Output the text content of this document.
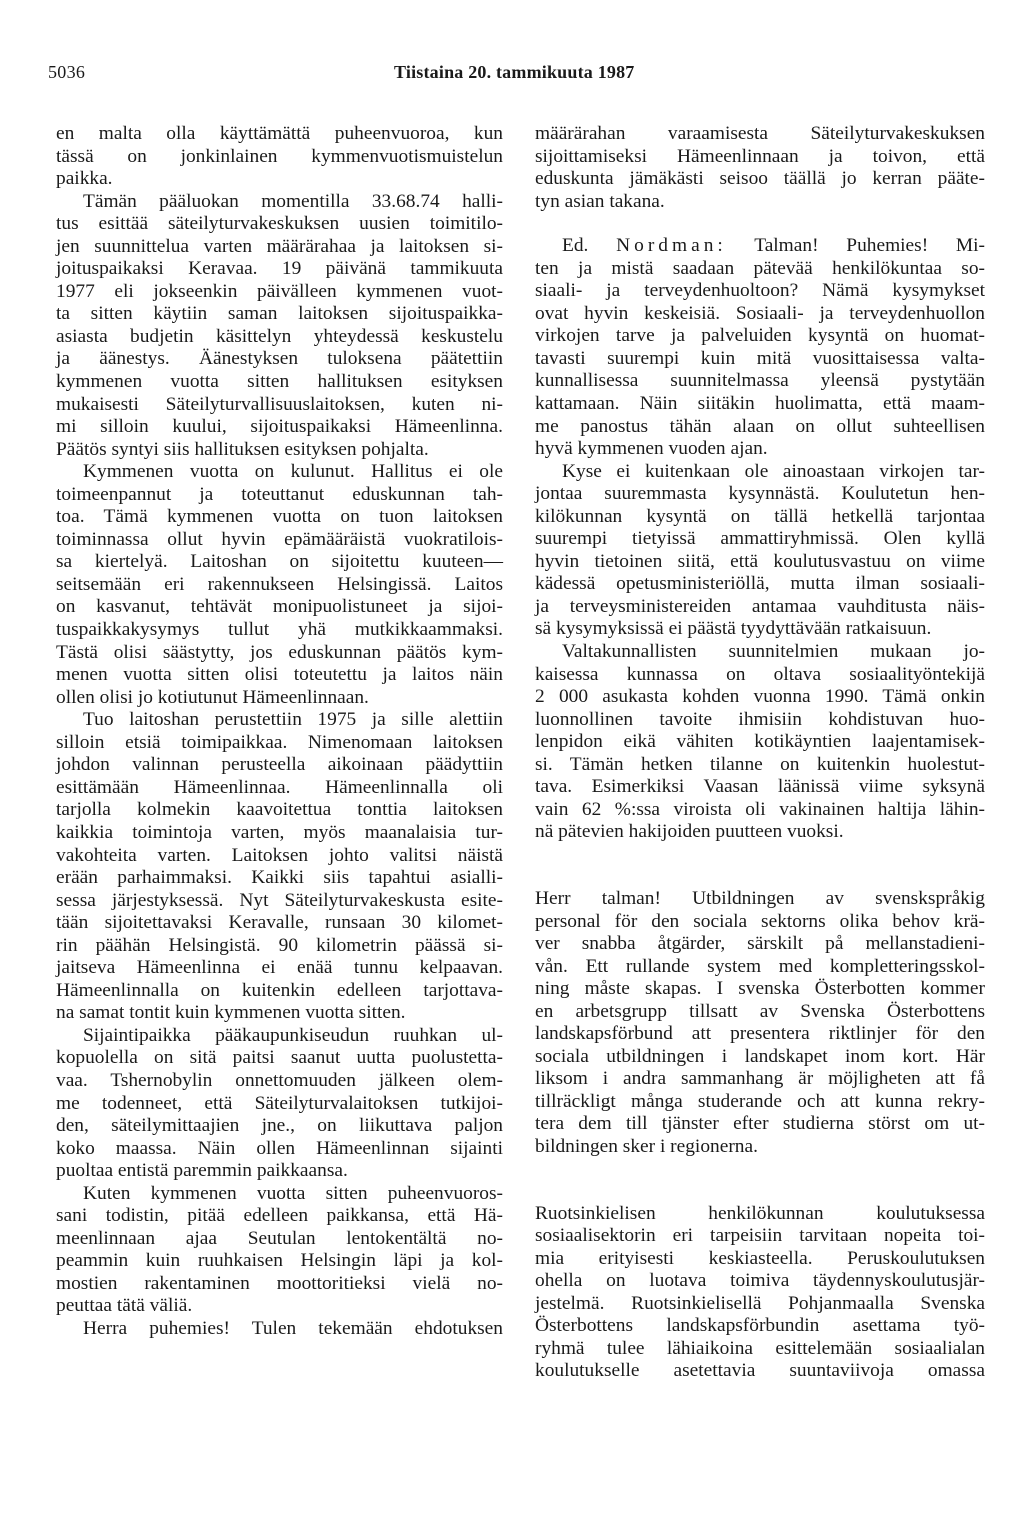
5036	Tiistaina 20. tammikuuta 1987
en malta olla käyttämättä puheenvuoroa, kun
tässä on jonkinlainen kymmenvuotismuistelun
paikka.
Tämän pääluokan momentilla 33.68.74 halli-
tus esittää säteilyturvakeskuksen uusien toimitilo-
jen suunnittelua varten määrärahaa ja laitoksen si-
joituspaikaksi Keravaa. 19 päivänä tammikuuta
1977 eli jokseenkin päivälleen kymmenen vuot-
ta sitten käytiin saman laitoksen sijoituspaikka-
asiasta budjetin käsittelyn yhteydessä keskustelu
ja äänestys. Äänestyksen tuloksena päätettiin
kymmenen vuotta sitten hallituksen esityksen
mukaisesti Säteilyturvallisuuslaitoksen, kuten ni-
mi silloin kuului, sijoituspaikaksi Hämeenlinna.
Päätös syntyi siis hallituksen esityksen pohjalta.
Kymmenen vuotta on kulunut. Hallitus ei ole
toimeenpannut ja toteuttanut eduskunnan tah-
toa. Tämä kymmenen vuotta on tuon laitoksen
toiminnassa ollut hyvin epämääräistä vuokratilois-
sa kiertelyä. Laitoshan on sijoitettu kuuteen—
seitsemään eri rakennukseen Helsingissä. Laitos
on kasvanut, tehtävät monipuolistuneet ja sijoi-
tuspaikkakysymys tullut yhä mutkikkaammaksi.
Tästä olisi säästytty, jos eduskunnan päätös kym-
menen vuotta sitten olisi toteutettu ja laitos näin
ollen olisi jo kotiutunut Hämeenlinnaan.
Tuo laitoshan perustettiin 1975 ja sille alettiin
silloin etsiä toimipaikkaa. Nimenomaan laitoksen
johdon valinnan perusteella aikoinaan päädyttiin
esittämään Hämeenlinnaa. Hämeenlinnalla oli
tarjolla kolmekin kaavoitettua tonttia laitoksen
kaikkia toimintoja varten, myös maanalaisia tur-
vakohteita varten. Laitoksen johto valitsi näistä
erään parhaimmaksi. Kaikki siis tapahtui asialli-
sessa järjestyksessä. Nyt Säteilyturvakeskusta esite-
tään sijoitettavaksi Keravalle, runsaan 30 kilomet-
rin päähän Helsingistä. 90 kilometrin päässä si-
jaitseva Hämeenlinna ei enää tunnu kelpaavan.
Hämeenlinnalla on kuitenkin edelleen tarjottava-
na samat tontit kuin kymmenen vuotta sitten.
Sijaintipaikka pääkaupunkiseudun ruuhkan ul-
kopuolella on sitä paitsi saanut uutta puolustetta-
vaa. Tshernobylin onnettomuuden jälkeen olem-
me todenneet, että Säteilyturvalaitoksen tutkijoi-
den, säteilymittaajien jne., on liikuttava paljon
koko maassa. Näin ollen Hämeenlinnan sijainti
puoltaa entistä paremmin paikkaansa.
Kuten kymmenen vuotta sitten puheenvuoros-
sani todistin, pitää edelleen paikkansa, että Hä-
meenlinnaan ajaa Seutulan lentokentältä no-
peammin kuin ruuhkaisen Helsingin läpi ja kol-
mostien rakentaminen moottoritieksi vielä no-
peuttaa tätä väliä.
Herra puhemies! Tulen tekemään ehdotuksen
määrärahan varaamisesta Säteilyturvakeskuksen
sijoittamiseksi Hämeenlinnaan ja toivon, että
eduskunta jämäkästi seisoo täällä jo kerran pääte-
tyn asian takana.
Ed. Nordman: Talman! Puhemies! Mi-
ten ja mistä saadaan pätevää henkilökuntaa so-
siaali- ja terveydenhuoltoon? Nämä kysymykset
ovat hyvin keskeisiä. Sosiaali- ja terveydenhuollon
virkojen tarve ja palveluiden kysyntä on huomat-
tavasti suurempi kuin mitä vuosittaisessa valta-
kunnallisessa suunnitelmassa yleensä pystytään
kattamaan. Näin siitäkin huolimatta, että maam-
me panostus tähän alaan on ollut suhteellisen
hyvä kymmenen vuoden ajan.
Kyse ei kuitenkaan ole ainoastaan virkojen tar-
jontaa suuremmasta kysynnästä. Koulutetun hen-
kilökunnan kysyntä on tällä hetkellä tarjontaa
suurempi tietyissä ammattiryhmissä. Olen kyllä
hyvin tietoinen siitä, että koulutusvastuu on viime
kädessä opetusministeriöllä, mutta ilman sosiaali-
ja terveysministereiden antamaa vauhditusta näis-
sä kysymyksissä ei päästä tyydyttävään ratkaisuun.
Valtakunnallisten suunnitelmien mukaan jo-
kaisessa kunnassa on oltava sosiaalityöntekijä
2 000 asukasta kohden vuonna 1990. Tämä onkin
luonnollinen tavoite ihmisiin kohdistuvan huo-
lenpidon eikä vähiten kotikäyntien laajentamisek-
si. Tämän hetken tilanne on kuitenkin huolestut-
tava. Esimerkiksi Vaasan läänissä viime syksynä
vain 62 %:ssa viroista oli vakinainen haltija lähin-
nä pätevien hakijoiden puutteen vuoksi.
Herr talman! Utbildningen av svenskspråkig
personal för den sociala sektorns olika behov krä-
ver snabba åtgärder, särskilt på mellanstadieni-
vån. Ett rullande system med kompletteringsskol-
ning måste skapas. I svenska Österbotten kommer
en arbetsgrupp tillsatt av Svenska Österbottens
landskapsförbund att presentera riktlinjer för den
sociala utbildningen i landskapet inom kort. Här
liksom i andra sammanhang är möjligheten att få
tillräckligt många studerande och att kunna rekry-
tera dem till tjänster efter studierna störst om ut-
bildningen sker i regionerna.
Ruotsinkielisen henkilökunnan koulutuksessa
sosiaalisektorin eri tarpeisiin tarvitaan nopeita toi-
mia erityisesti keskiasteella. Peruskoulutuksen
ohella on luotava toimiva täydennyskoulutusjär-
jestelmä. Ruotsinkielisellä Pohjanmaalla Svenska
Österbottens landskapsförbundin asettama työ-
ryhmä tulee lähiaikoina esittelemään sosiaalialan
koulutukselle asetettavia suuntaviivoja omassa
